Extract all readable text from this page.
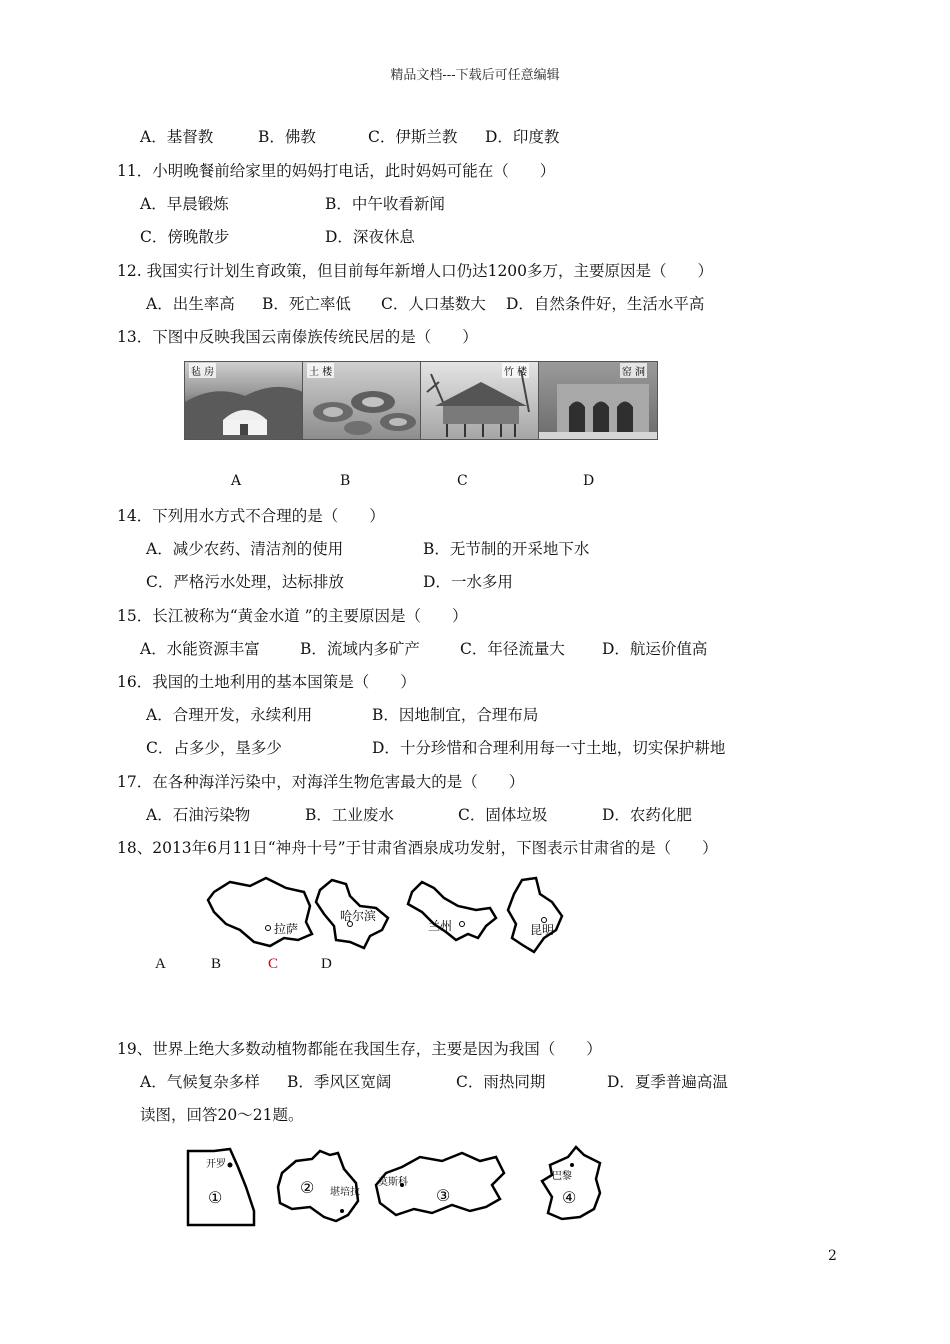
精品文档---下载后可任意编辑
A．基督教	B．佛教	C．伊斯兰教 D．印度教
11．小明晚餐前给家里的妈妈打电话，此时妈妈可能在（　　）
A．早晨锻炼	B．中午收看新闻
C．傍晚散步	D．深夜休息
12. 我国实行计划生育政策，但目前每年新增人口仍达1200多万，主要原因是（　　）
A．出生率高 B．死亡率低 C．人口基数大 D．自然条件好，生活水平高
13．下图中反映我国云南傣族传统民居的是（　　）
毡 房	土 楼	竹 楼	窑 洞
A	B	C	D
14．下列用水方式不合理的是（　　）
A．减少农药、清洁剂的使用	B．无节制的开采地下水
C．严格污水处理，达标排放	D．一水多用
15．长江被称为“黄金水道 ”的主要原因是（　　）
A．水能资源丰富	B．流域内多矿产	C．年径流量大 D．航运价值高
16．我国的土地利用的基本国策是（　　）
A．合理开发，永续利用	B．因地制宜，合理布局
C．占多少，垦多少	D．十分珍惜和合理利用每一寸土地，切实保护耕地
17．在各种海洋污染中，对海洋生物危害最大的是（　　）
A．石油污染物	B．工业废水	C．固体垃圾	D．农药化肥
18、2013年6月11日“神舟十号”于甘肃省酒泉成功发射，下图表示甘肃省的是（　　）
拉萨
哈尔滨
兰州	昆明
A	B	C	D
19、世界上绝大多数动植物都能在我国生存，主要是因为我国（　　）
A．气候复杂多样 B．季风区宽阔	C．雨热同期	D．夏季普遍高温
读图，回答20～21题。
开罗
①	堪培拉
②	莫斯科
③
巴黎
④
2
